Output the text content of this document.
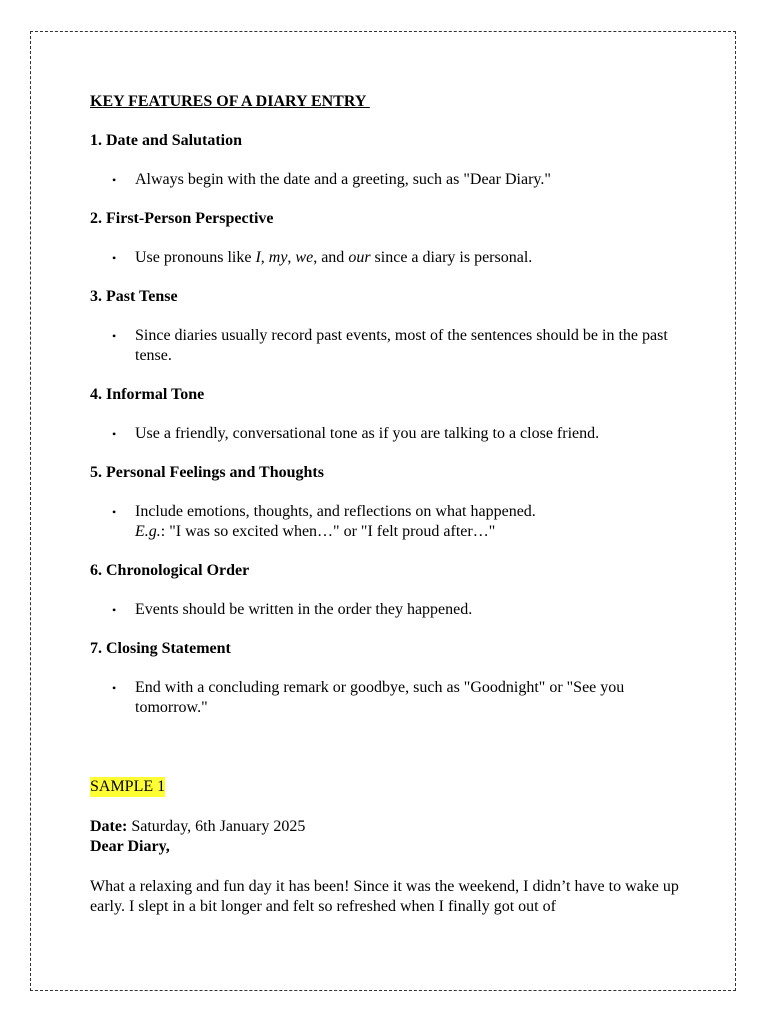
KEY FEATURES OF A DIARY ENTRY

1. Date and Salutation

• Always begin with the date and a greeting, such as "Dear Diary."

2. First-Person Perspective

• Use pronouns like I, my, we, and our since a diary is personal.

3. Past Tense

• Since diaries usually record past events, most of the sentences should be in the past tense.

4. Informal Tone

• Use a friendly, conversational tone as if you are talking to a close friend.

5. Personal Feelings and Thoughts

• Include emotions, thoughts, and reflections on what happened.
E.g.: "I was so excited when…" or "I felt proud after…"

6. Chronological Order

• Events should be written in the order they happened.

7. Closing Statement

• End with a concluding remark or goodbye, such as "Goodnight" or "See you tomorrow."
SAMPLE 1
Date: Saturday, 6th January 2025
Dear Diary,

What a relaxing and fun day it has been! Since it was the weekend, I didn’t have to wake up early. I slept in a bit longer and felt so refreshed when I finally got out of
